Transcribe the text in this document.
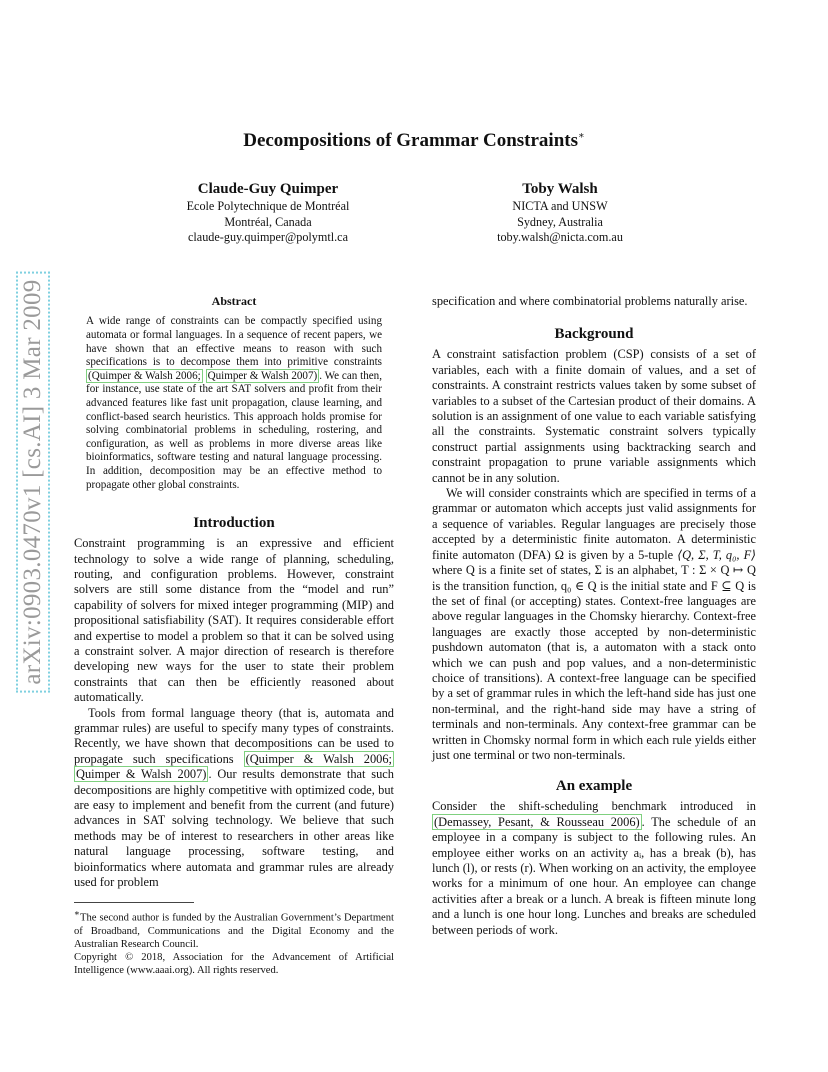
arXiv:0903.0470v1 [cs.AI] 3 Mar 2009
Decompositions of Grammar Constraints∗
Claude-Guy Quimper
Ecole Polytechnique de Montréal
Montréal, Canada
claude-guy.quimper@polymtl.ca
Toby Walsh
NICTA and UNSW
Sydney, Australia
toby.walsh@nicta.com.au
Abstract
A wide range of constraints can be compactly specified using automata or formal languages. In a sequence of recent papers, we have shown that an effective means to reason with such specifications is to decompose them into primitive constraints (Quimper & Walsh 2006; Quimper & Walsh 2007) . We can then, for instance, use state of the art SAT solvers and profit from their advanced features like fast unit propagation, clause learning, and conflict-based search heuristics. This approach holds promise for solving combinatorial problems in scheduling, rostering, and configuration, as well as problems in more diverse areas like bioinformatics, software testing and natural language processing. In addition, decomposition may be an effective method to propagate other global constraints.
Introduction

Constraint programming is an expressive and efficient technology to solve a wide range of planning, scheduling, routing, and configuration problems. However, constraint solvers are still some distance from the “model and run” capability of solvers for mixed integer programming (MIP) and propositional satisfiability (SAT). It requires considerable effort and expertise to model a problem so that it can be solved using a constraint solver. A major direction of research is therefore developing new ways for the user to state their problem constraints that can then be efficiently reasoned about automatically.

Tools from formal language theory (that is, automata and grammar rules) are useful to specify many types of constraints. Recently, we have shown that decompositions can be used to propagate such specifications (Quimper & Walsh 2006; Quimper & Walsh 2007) . Our results demonstrate that such decompositions are highly competitive with optimized code, but are easy to implement and benefit from the current (and future) advances in SAT solving technology. We believe that such methods may be of interest to researchers in other areas like natural language processing, software testing, and bioinformatics where automata and grammar rules are already used for problem

∗The second author is funded by the Australian Government’s Department of Broadband, Communications and the Digital Economy and the Australian Research Council.
Copyright © 2018, Association for the Advancement of Artificial Intelligence (www.aaai.org). All rights reserved.

specification and where combinatorial problems naturally arise.

Background

A constraint satisfaction problem (CSP) consists of a set of variables, each with a finite domain of values, and a set of constraints. A constraint restricts values taken by some subset of variables to a subset of the Cartesian product of their domains. A solution is an assignment of one value to each variable satisfying all the constraints. Systematic constraint solvers typically construct partial assignments using backtracking search and constraint propagation to prune variable assignments which cannot be in any solution.

We will consider constraints which are specified in terms of a grammar or automaton which accepts just valid assignments for a sequence of variables. Regular languages are precisely those accepted by a deterministic finite automaton. A deterministic finite automaton (DFA) Ω is given by a 5-tuple ⟨Q, Σ, T, q₀, F⟩ where Q is a finite set of states, Σ is an alphabet, T : Σ × Q ↦ Q is the transition function, q₀ ∈ Q is the initial state and F ⊆ Q is the set of final (or accepting) states. Context-free languages are above regular languages in the Chomsky hierarchy. Context-free languages are exactly those accepted by non-deterministic pushdown automaton (that is, a automaton with a stack onto which we can push and pop values, and a non-deterministic choice of transitions). A context-free language can be specified by a set of grammar rules in which the left-hand side has just one non-terminal, and the right-hand side may have a string of terminals and non-terminals. Any context-free grammar can be written in Chomsky normal form in which each rule yields either just one terminal or two non-terminals.

An example

Consider the shift-scheduling benchmark introduced in (Demassey, Pesant, & Rousseau 2006) . The schedule of an employee in a company is subject to the following rules. An employee either works on an activity aᵢ, has a break (b), has lunch (l), or rests (r). When working on an activity, the employee works for a minimum of one hour. An employee can change activities after a break or a lunch. A break is fifteen minute long and a lunch is one hour long. Lunches and breaks are scheduled between periods of work.
